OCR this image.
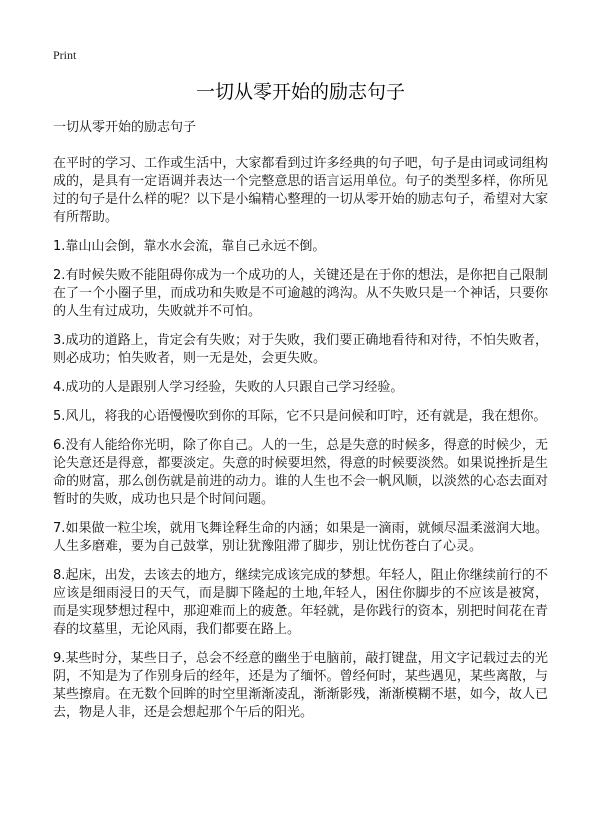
Print
一切从零开始的励志句子
一切从零开始的励志句子

在平时的学习、工作或生活中，大家都看到过许多经典的句子吧，句子是由词或词组构成的，是具有一定语调并表达一个完整意思的语言运用单位。句子的类型多样，你所见过的句子是什么样的呢？以下是小编精心整理的一切从零开始的励志句子，希望对大家有所帮助。

1.靠山山会倒，靠水水会流，靠自己永远不倒。

2.有时候失败不能阻碍你成为一个成功的人，关键还是在于你的想法，是你把自己限制在了一个小圈子里，而成功和失败是不可逾越的鸿沟。从不失败只是一个神话，只要你的人生有过成功，失败就并不可怕。

3.成功的道路上，肯定会有失败；对于失败，我们要正确地看待和对待，不怕失败者，则必成功；怕失败者，则一无是处，会更失败。

4.成功的人是跟别人学习经验，失败的人只跟自己学习经验。

5.风儿，将我的心语慢慢吹到你的耳际，它不只是问候和叮咛，还有就是，我在想你。

6.没有人能给你光明，除了你自己。人的一生，总是失意的时候多，得意的时候少，无论失意还是得意，都要淡定。失意的时候要坦然，得意的时候要淡然。如果说挫折是生命的财富，那么创伤就是前进的动力。谁的人生也不会一帆风顺，以淡然的心态去面对暂时的失败，成功也只是个时间问题。

7.如果做一粒尘埃，就用飞舞诠释生命的内涵；如果是一滴雨，就倾尽温柔滋润大地。人生多磨难，要为自己鼓掌，别让犹豫阻滞了脚步，别让忧伤苍白了心灵。

8.起床，出发，去该去的地方，继续完成该完成的梦想。年轻人，阻止你继续前行的不应该是细雨浸日的天气，而是脚下隆起的土地,年轻人，困住你脚步的不应该是被窝，而是实现梦想过程中，那迎难而上的疲惫。年轻就，是你践行的资本，别把时间花在青春的坟墓里，无论风雨，我们都要在路上。

9.某些时分，某些日子，总会不经意的幽坐于电脑前，敲打键盘，用文字记载过去的光阴，不知是为了作别身后的经年，还是为了缅怀。曾经何时，某些遇见，某些离散，与某些擦肩。在无数个回眸的时空里渐渐凌乱，渐渐影残，渐渐模糊不堪，如今，故人已去，物是人非，还是会想起那个午后的阳光。
